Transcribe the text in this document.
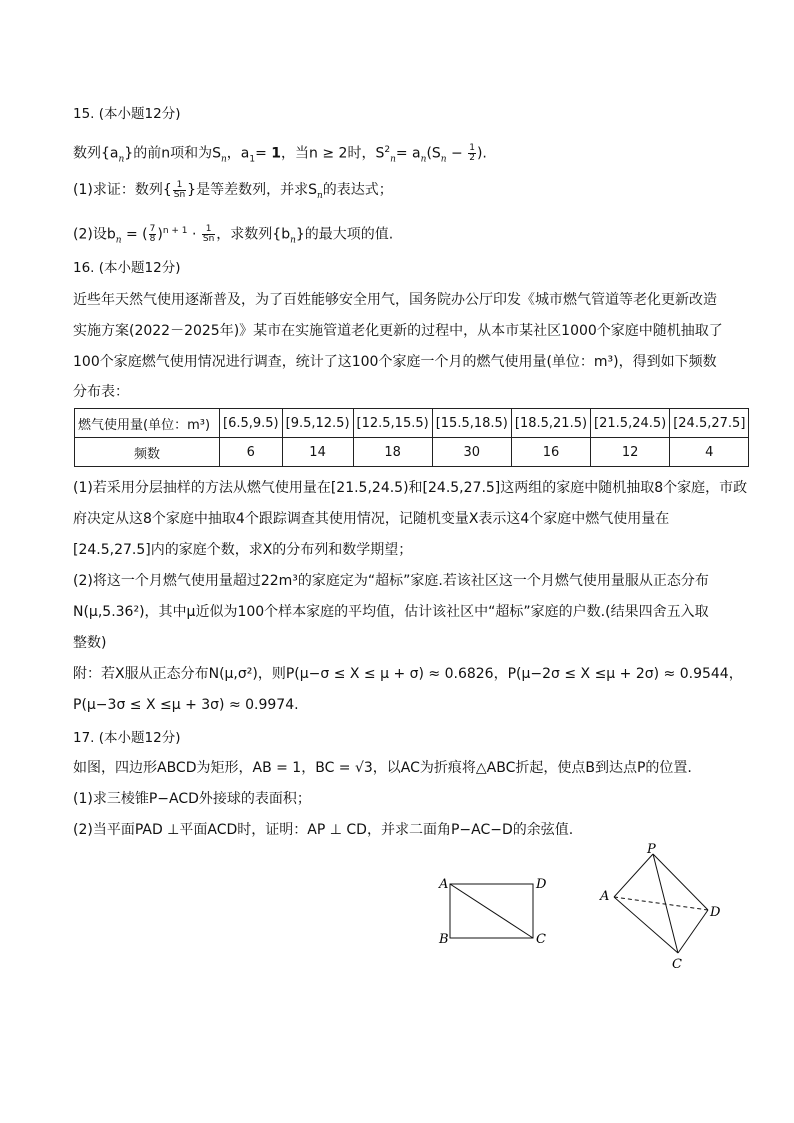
15. (本小题12分)
数列$\{a_n\}$的前n项和为$S_n$，$a_1= 1$，当n ≥ 2时，$S^2_n= a_n(S_n - \frac{1}{2}$ ).
(1)求证：数列{ $\frac{1}{Sn}$ }是等差数列，并求$S_n$的表达式；
(2)设$b_n$ = ( $\frac{7}{8} )^{n + 1} \cdot \frac{1}{Sn}$ ，求数列$\{b_n\}$的最大项的值.
16. (本小题12分)
近些年天然气使用逐渐普及，为了百姓能够安全用气，国务院办公厅印发《城市燃气管道等老化更新改造
实施方案(2022－2025年)》某市在实施管道老化更新的过程中，从本市某社区1000个家庭中随机抽取了
100个家庭燃气使用情况进行调查，统计了这100个家庭一个月的燃气使用量(单位：m³)，得到如下频数
分布表：
燃气使用量(单位：m³)	[6.5,9.5)	[9.5,12.5)	[12.5,15.5)	[15.5,18.5)	[18.5,21.5)	[21.5,24.5)	[24.5,27.5]
频数	6	14	18	30	16	12	4
(1)若采用分层抽样的方法从燃气使用量在[21.5,24.5)和[24.5,27.5]这两组的家庭中随机抽取8个家庭，市政
府决定从这8个家庭中抽取4个跟踪调查其使用情况，记随机变量X表示这4个家庭中燃气使用量在
[24.5,27.5]内的家庭个数，求X的分布列和数学期望；
(2)将这一个月燃气使用量超过22m³的家庭定为“超标”家庭.若该社区这一个月燃气使用量服从正态分布
N(μ,5.36²)，其中μ近似为100个样本家庭的平均值，估计该社区中“超标”家庭的户数.(结果四舍五入取
整数)
附：若X服从正态分布N(μ,σ²)，则P(μ−σ ≤ X ≤ μ + σ) ≈ 0.6826，P(μ−2σ ≤ X ≤μ + 2σ) ≈ 0.9544，
P(μ−3σ ≤ X ≤μ + 3σ) ≈ 0.9974.
17. (本小题12分)
如图，四边形ABCD为矩形，AB = 1，BC = √3，以AC为折痕将△ABC折起，使点B到达点P的位置.
(1)求三棱锥P−ACD外接球的表面积；
(2)当平面PAD ⊥平面ACD时，证明：AP ⊥ CD，并求二面角P−AC−D的余弦值.
A	D
B	C
P
A
D
C
